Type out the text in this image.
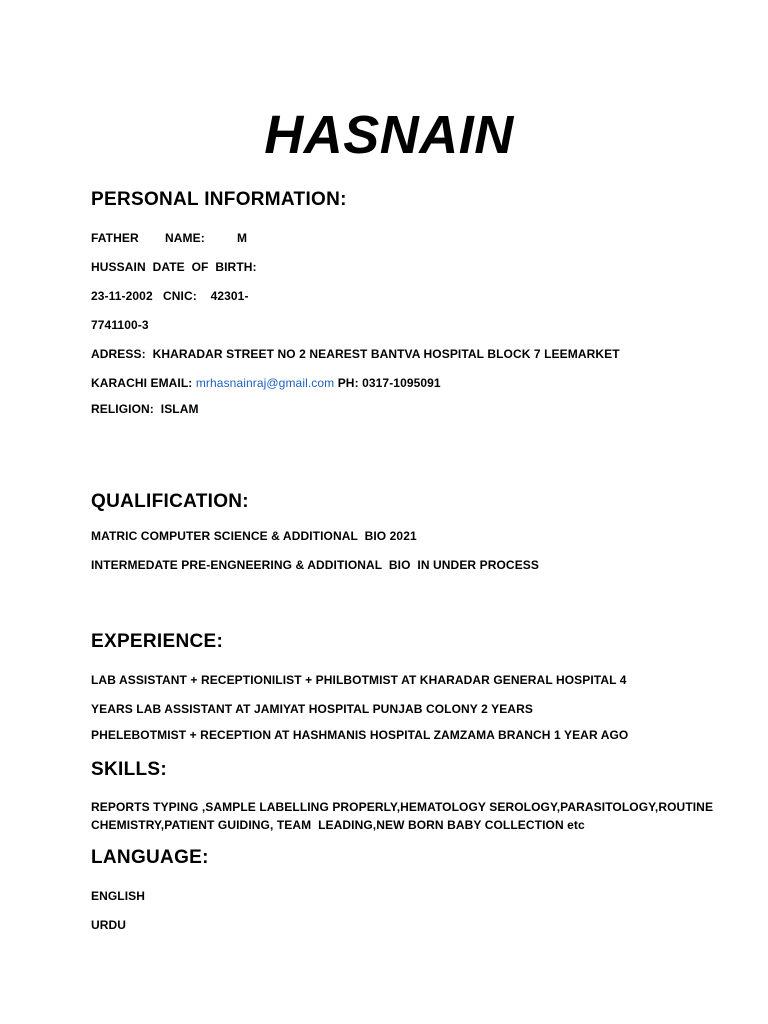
HASNAIN
PERSONAL INFORMATION:
FATHER NAME:	M
HUSSAIN  DATE  OF  BIRTH:
23-11-2002   CNIC:    42301-
7741100-3
ADRESS:  KHARADAR STREET NO 2 NEAREST BANTVA HOSPITAL BLOCK 7 LEEMARKET
KARACHI EMAIL: mrhasnainraj@gmail.com PH: 0317-1095091
RELIGION:  ISLAM
QUALIFICATION:
MATRIC COMPUTER SCIENCE & ADDITIONAL  BIO 2021
INTERMEDATE PRE-ENGNEERING & ADDITIONAL  BIO  IN UNDER PROCESS
EXPERIENCE:
LAB ASSISTANT + RECEPTIONILIST + PHILBOTMIST AT KHARADAR GENERAL HOSPITAL 4
YEARS LAB ASSISTANT AT JAMIYAT HOSPITAL PUNJAB COLONY 2 YEARS
PHELEBOTMIST + RECEPTION AT HASHMANIS HOSPITAL ZAMZAMA BRANCH 1 YEAR AGO
SKILLS:
REPORTS TYPING ,SAMPLE LABELLING PROPERLY,HEMATOLOGY SEROLOGY,PARASITOLOGY,ROUTINE
CHEMISTRY,PATIENT GUIDING, TEAM  LEADING,NEW BORN BABY COLLECTION etc
LANGUAGE:
ENGLISH
URDU
